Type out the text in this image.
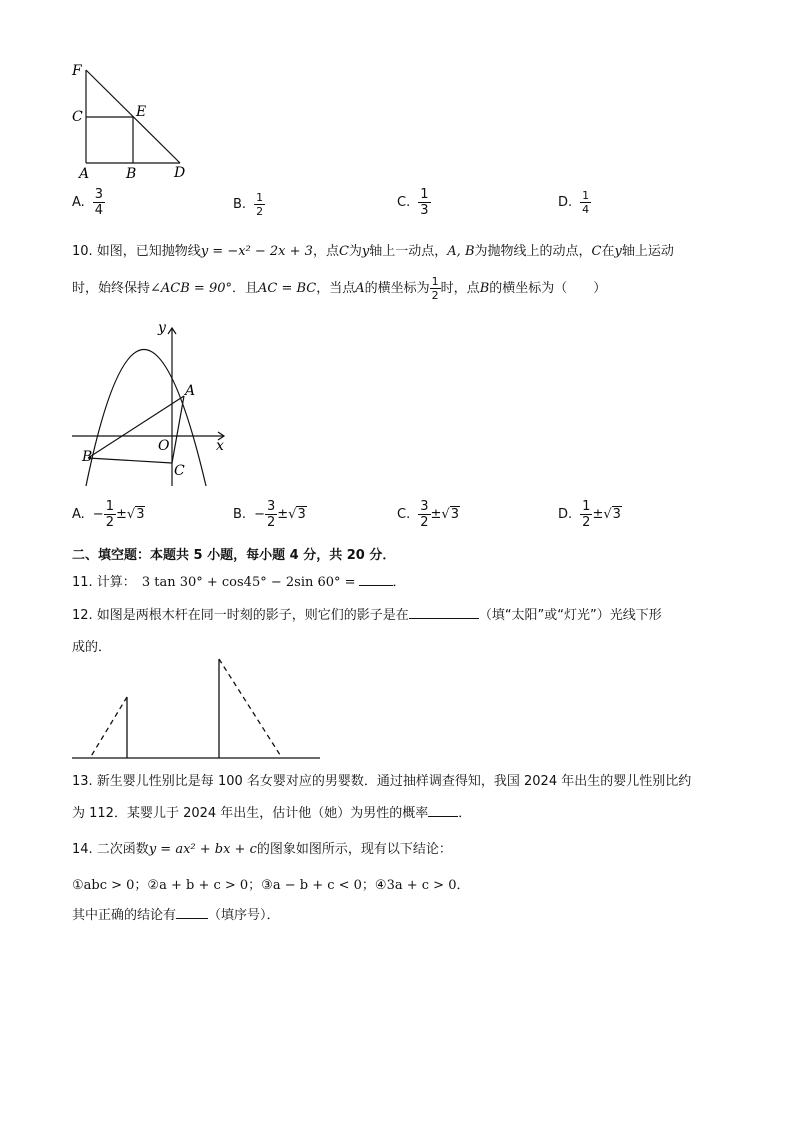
F
C	E
A	B	D
A. $\frac{3}{4}$	B. $\frac{1}{2}$	C. $\frac{1}{3}$	D. $\frac{1}{4}$
10. 如图，已知抛物线y = −x² − 2x + 3，点C为y轴上一动点，A, B为抛物线上的动点，C在y轴上运动
时，始终保持∠ACB = 90°．且AC = BC，当点A的横坐标为 $\frac{1}{2}$ 时，点B的横坐标为（　　）
y
x
A
B
O
C
A. − $\frac{1}{2} \pm√3$	B. − $\frac{3}{2} \pm√3$	C. $\frac{3}{2} \pm√3$	D. $\frac{1}{2} \pm√3$
二、填空题：本题共 5 小题，每小题 4 分，共 20 分．
11. 计算： 3 tan 30° + cos45° − 2sin 60° =	．
12. 如图是两根木杆在同一时刻的影子，则它们的影子是在	（填“太阳”或“灯光”）光线下形
成的．
13. 新生婴儿性别比是每 100 名女婴对应的男婴数．通过抽样调查得知，我国 2024 年出生的婴儿性别比约
为 112．某婴儿于 2024 年出生，估计他（她）为男性的概率 ．
14. 二次函数y = ax² + bx + c的图象如图所示，现有以下结论：
①abc > 0；②a + b + c > 0；③a − b + c < 0；④3a + c > 0．
其中正确的结论有 （填序号）．
